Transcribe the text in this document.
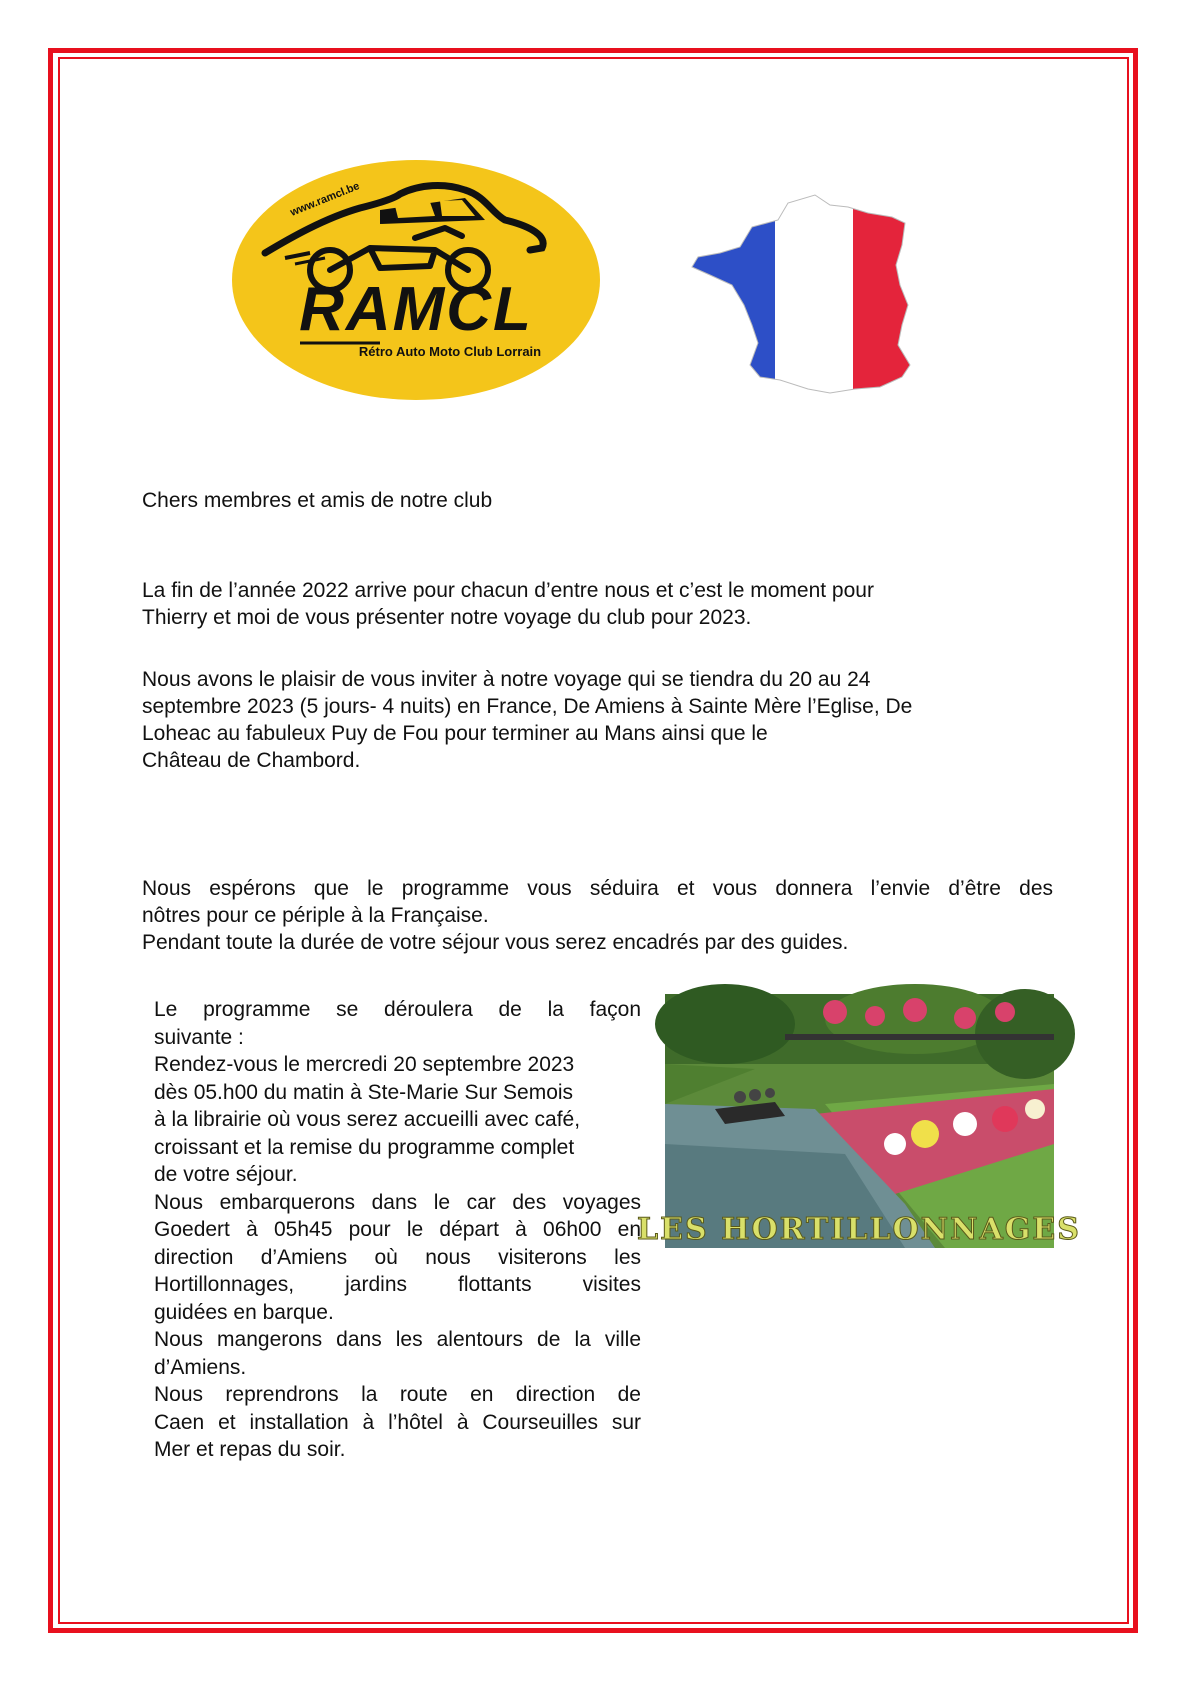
www.ramcl.be
RAMCL
Rétro Auto Moto Club Lorrain
Chers membres et amis de notre club
La fin de l’année 2022 arrive pour chacun d’entre nous et c’est le moment pour
Thierry et moi de vous présenter notre voyage du club pour 2023.
Nous avons le plaisir de vous inviter à notre voyage qui se tiendra du 20 au 24
septembre 2023 (5 jours- 4 nuits) en France, De Amiens à Sainte Mère l’Eglise, De
Loheac au fabuleux Puy de Fou pour terminer au Mans ainsi que le
Château de Chambord.
Nous espérons que le programme vous séduira et vous donnera l’envie d’être des
nôtres pour ce périple à la Française.
Pendant toute la durée de votre séjour vous serez encadrés par des guides.
Le programme se déroulera de la façon
suivante :
Rendez-vous le mercredi 20 septembre 2023
dès 05.h00 du matin à Ste-Marie Sur Semois
à la librairie où vous serez accueilli avec café,
croissant et la remise du programme complet
de votre séjour.
Nous embarquerons dans le car des voyages
Goedert à 05h45 pour le départ à 06h00 en
direction d’Amiens où nous visiterons les
Hortillonnages, jardins flottants visites
guidées en barque.
Nous mangerons dans les alentours de la ville
d’Amiens.
Nous reprendrons la route en direction de
Caen et installation à l’hôtel à Courseuilles sur
Mer et repas du soir.
LES HORTILLONNAGES
